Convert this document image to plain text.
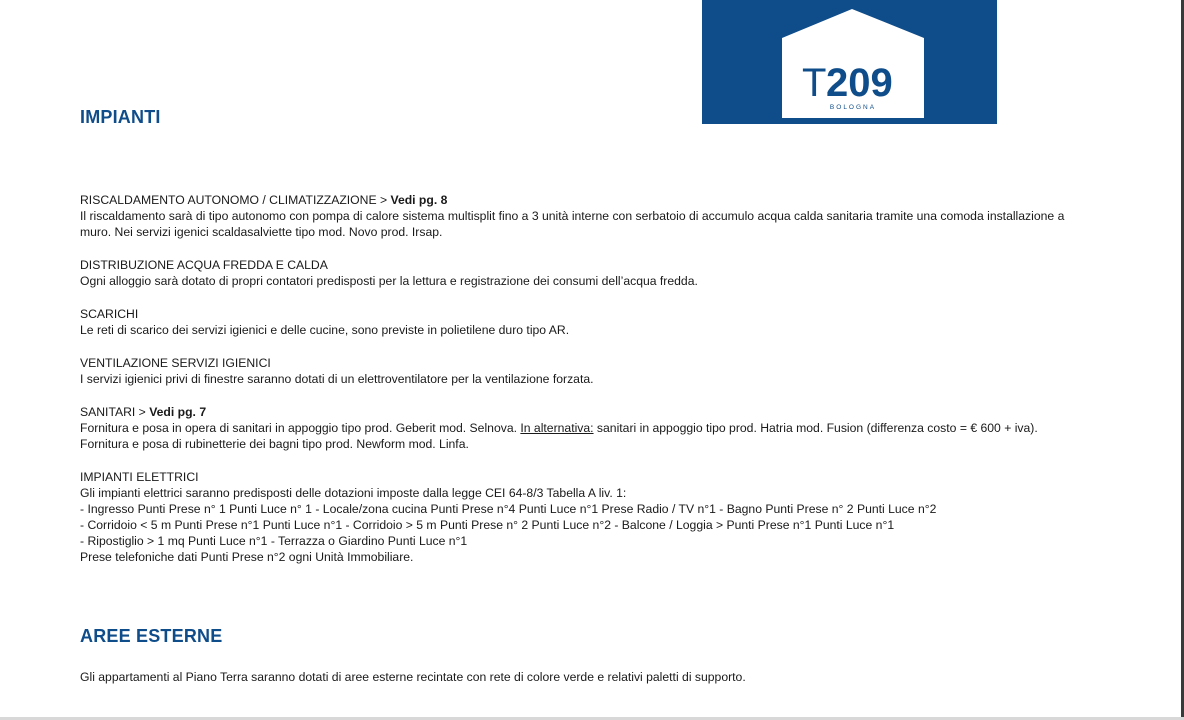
T 209
BOLOGNA
IMPIANTI

RISCALDAMENTO AUTONOMO / CLIMATIZZAZIONE > Vedi pg. 8

Il riscaldamento sarà di tipo autonomo con pompa di calore sistema multisplit fino a 3 unità interne con serbatoio di accumulo acqua calda sanitaria tramite una comoda installazione a

muro. Nei servizi igenici scaldasalviette tipo mod. Novo prod. Irsap.

DISTRIBUZIONE ACQUA FREDDA E CALDA

Ogni alloggio sarà dotato di propri contatori predisposti per la lettura e registrazione dei consumi dell’acqua fredda.

SCARICHI

Le reti di scarico dei servizi igienici e delle cucine, sono previste in polietilene duro tipo AR.

VENTILAZIONE SERVIZI IGIENICI

I servizi igienici privi di finestre saranno dotati di un elettroventilatore per la ventilazione forzata.

SANITARI > Vedi pg. 7

Fornitura e posa in opera di sanitari in appoggio tipo prod. Geberit mod. Selnova. In alternativa: sanitari in appoggio tipo prod. Hatria mod. Fusion (differenza costo = € 600 + iva).

Fornitura e posa di rubinetterie dei bagni tipo prod. Newform mod. Linfa.

IMPIANTI ELETTRICI

Gli impianti elettrici saranno predisposti delle dotazioni imposte dalla legge CEI 64-8/3 Tabella A liv. 1:

- Ingresso Punti Prese n° 1 Punti Luce n° 1 - Locale/zona cucina Punti Prese n°4 Punti Luce n°1 Prese Radio / TV n°1 - Bagno Punti Prese n° 2 Punti Luce n°2

- Corridoio < 5 m Punti Prese n°1 Punti Luce n°1 - Corridoio > 5 m Punti Prese n° 2 Punti Luce n°2 - Balcone / Loggia > Punti Prese n°1 Punti Luce n°1

- Ripostiglio > 1 mq Punti Luce n°1 - Terrazza o Giardino Punti Luce n°1

Prese telefoniche dati Punti Prese n°2 ogni Unità Immobiliare.

AREE ESTERNE

Gli appartamenti al Piano Terra saranno dotati di aree esterne recintate con rete di colore verde e relativi paletti di supporto.
